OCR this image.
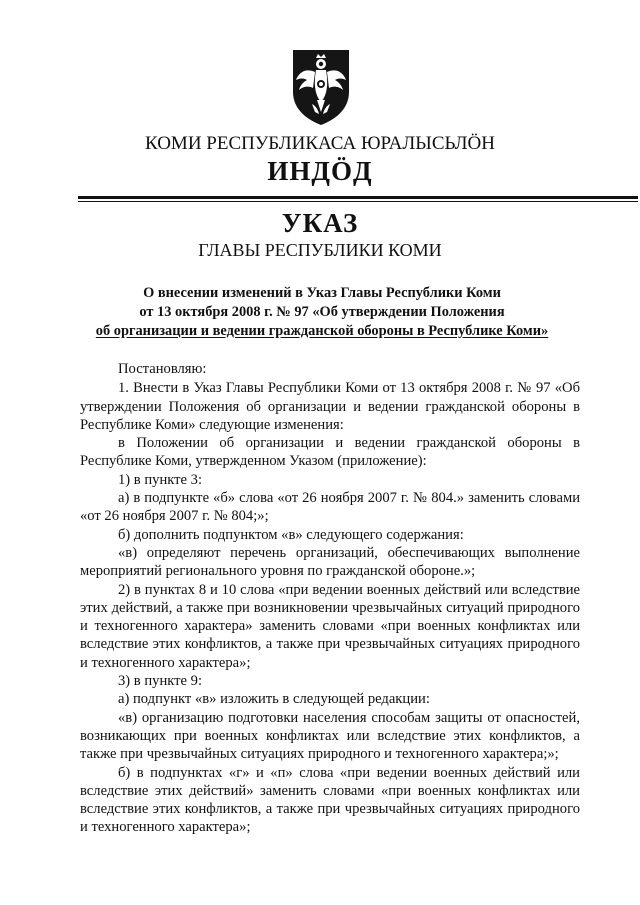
КОМИ РЕСПУБЛИКАСА ЮРАЛЫСЬЛӦН
ИНДӦД
УКАЗ
ГЛАВЫ РЕСПУБЛИКИ КОМИ
О внесении изменений в Указ Главы Республики Коми
от 13 октября 2008 г. № 97 «Об утверждении Положения
об организации и ведении гражданской обороны в Республике Коми»

Постановляю:

1. Внести в Указ Главы Республики Коми от 13 октября 2008 г. № 97 «Об утверждении Положения об организации и ведении гражданской обороны в Республике Коми» следующие изменения:

в Положении об организации и ведении гражданской обороны в Республике Коми, утвержденном Указом (приложение):

1) в пункте 3:

а) в подпункте «б» слова «от 26 ноября 2007 г. № 804.» заменить словами «от 26 ноября 2007 г. № 804;»;

б) дополнить подпунктом «в» следующего содержания:

«в) определяют перечень организаций, обеспечивающих выполнение мероприятий регионального уровня по гражданской обороне.»;

2) в пунктах 8 и 10 слова «при ведении военных действий или вследствие этих действий, а также при возникновении чрезвычайных ситуаций природного и техногенного характера» заменить словами «при военных конфликтах или вследствие этих конфликтов, а также при чрезвычайных ситуациях природного и техногенного характера»;

3) в пункте 9:

а) подпункт «в» изложить в следующей редакции:

«в) организацию подготовки населения способам защиты от опасностей, возникающих при военных конфликтах или вследствие этих конфликтов, а также при чрезвычайных ситуациях природного и техногенного характера;»;

б) в подпунктах «г» и «п» слова «при ведении военных действий или вследствие этих действий» заменить словами «при военных конфликтах или вследствие этих конфликтов, а также при чрезвычайных ситуациях природного и техногенного характера»;
